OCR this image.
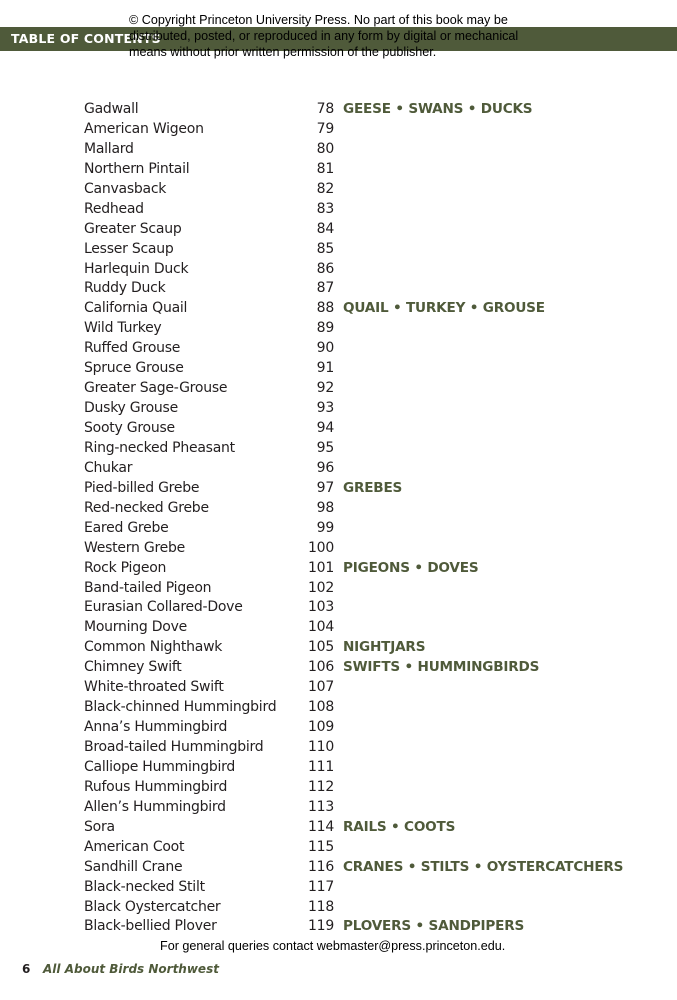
TABLE OF CONTENTS
© Copyright Princeton University Press. No part of this book may be distributed, posted, or reproduced in any form by digital or mechanical means without prior written permission of the publisher.
Gadwall	78 GEESE • SWANS • DUCKS
American Wigeon	79
Mallard	80
Northern Pintail	81
Canvasback	82
Redhead	83
Greater Scaup	84
Lesser Scaup	85
Harlequin Duck	86
Ruddy Duck	87
California Quail	88 QUAIL • TURKEY • GROUSE
Wild Turkey	89
Ruffed Grouse	90
Spruce Grouse	91
Greater Sage-Grouse	92
Dusky Grouse	93
Sooty Grouse	94
Ring-necked Pheasant	95
Chukar	96
Pied-billed Grebe	97 GREBES
Red-necked Grebe	98
Eared Grebe	99
Western Grebe	100
Rock Pigeon	101 PIGEONS • DOVES
Band-tailed Pigeon	102
Eurasian Collared-Dove	103
Mourning Dove	104
Common Nighthawk	105 NIGHTJARS
Chimney Swift	106 SWIFTS • HUMMINGBIRDS
White-throated Swift	107
Black-chinned Hummingbird 108
Anna’s Hummingbird	109
Broad-tailed Hummingbird	110
Calliope Hummingbird	111
Rufous Hummingbird	112
Allen’s Hummingbird	113
Sora	114 RAILS • COOTS
American Coot	115
Sandhill Crane	116 CRANES • STILTS • OYSTERCATCHERS
Black-necked Stilt	117
Black Oystercatcher	118
Black-bellied Plover	119 PLOVERS • SANDPIPERS
For general queries contact webmaster@press.princeton.edu.
6 All About Birds Northwest
